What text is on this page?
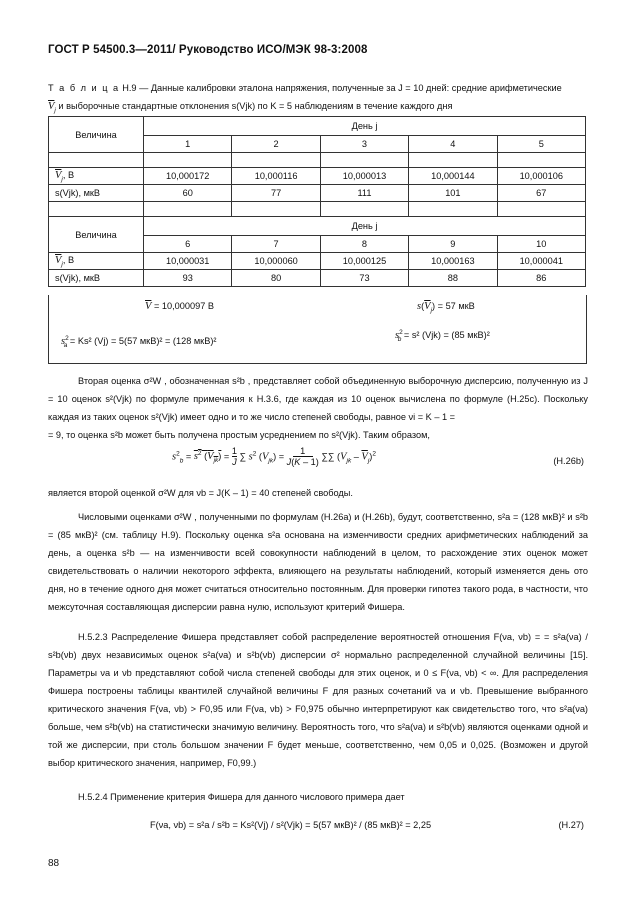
ГОСТ Р 54500.3—2011/ Руководство ИСО/МЭК 98-3:2008
Т а б л и ц а Н.9 — Данные калибровки эталона напряжения, полученные за J = 10 дней: средние арифметические
$\overline{V}_j$ и выборочные стандартные отклонения s(Vjk) по K = 5 наблюдениям в течение каждого дня
Величина	День j				
	1	2	3	4	5

$\overline{V}_j$, В	10,000172	10,000116	10,000013	10,000144	10,000106
s(Vjk), мкВ	60	77	111	101	67

Величина	День j				
	6	7	8	9	10
$\overline{V}_j$, В	10,000031	10,000060	10,000125	10,000163	10,000041
s(Vjk), мкВ	93	80	73	88	86
$\overline{V} = 10,000097$ В	$s(\overline{V}_j) = 57$ мкВ
$s^2_a = Ks^2$ (Vj) = 5(57 мкВ)² = (128 мкВ)²	$s^2_b = s^2$ (Vjk) = (85 мкВ)²

Вторая оценка σ²W , обозначенная s²b , представляет собой объединенную выборочную дисперсию, полученную из J = 10 оценок s²(Vjk) по формуле примечания к Н.3.6, где каждая из 10 оценок вычислена по формуле (Н.25с). Поскольку каждая из таких оценок s²(Vjk) имеет одно и то же число степеней свободы, равное νi = K – 1 =

= 9, то оценка s²b может быть получена простым усреднением по s²(Vjk). Таким образом,

$s^2_b = s^2$ $(V_{jk}) = \frac{1}{J}$ ∑ $s^2$ $(V_{jk})$ =    1
J(K – 1) ∑∑ $(V_{jk} - \overline{V}_j)^2$
(Н.26b)
является второй оценкой σ²W для νb = J(K – 1) = 40 степеней свободы.

Числовыми оценками σ²W , полученными по формулам (Н.26а) и (Н.26b), будут, соответственно, s²a = (128 мкВ)² и s²b = (85 мкВ)² (см. таблицу Н.9). Поскольку оценка s²a основана на изменчивости средних арифметических наблюдений за день, а оценка s²b — на изменчивости всей совокупности наблюдений в целом, то расхождение этих оценок может свидетельствовать о наличии некоторого эффекта, влияющего на результаты наблюдений, который изменяется день ото дня, но в течение одного дня может считаться относительно постоянным. Для проверки гипотез такого рода, в частности, что межсуточная составляющая дисперсии равна нулю, используют критерий Фишера.

Н.5.2.3 Распределение Фишера представляет собой распределение вероятностей отношения F(νa, νb) = = s²a(νa) / s²b(νb) двух независимых оценок s²a(νa) и s²b(νb) дисперсии σ² нормально распределенной случайной величины [15]. Параметры νa и νb представляют собой числа степеней свободы для этих оценок, и 0 ≤ F(νa, νb) < ∞. Для распределения Фишера построены таблицы квантилей случайной величины F для разных сочетаний νa и νb. Превышение выбранного критического значения F(νa, νb) > F0,95 или F(νa, νb) > F0,975 обычно интерпретируют как свидетельство того, что s²a(νa) больше, чем s²b(νb) на статистически значимую величину. Вероятность того, что s²a(νa) и s²b(νb) являются оценками одной и той же дисперсии, при столь большом значении F будет меньше, соответственно, чем 0,05 и 0,025. (Возможен и другой выбор критического значения, например, F0,99.)

Н.5.2.4 Применение критерия Фишера для данного числового примера дает

F(νa, νb) = s²a / s²b = Ks²(Vj) / s²(Vjk) = 5(57 мкВ)² / (85 мкВ)² = 2,25	(Н.27)
88
